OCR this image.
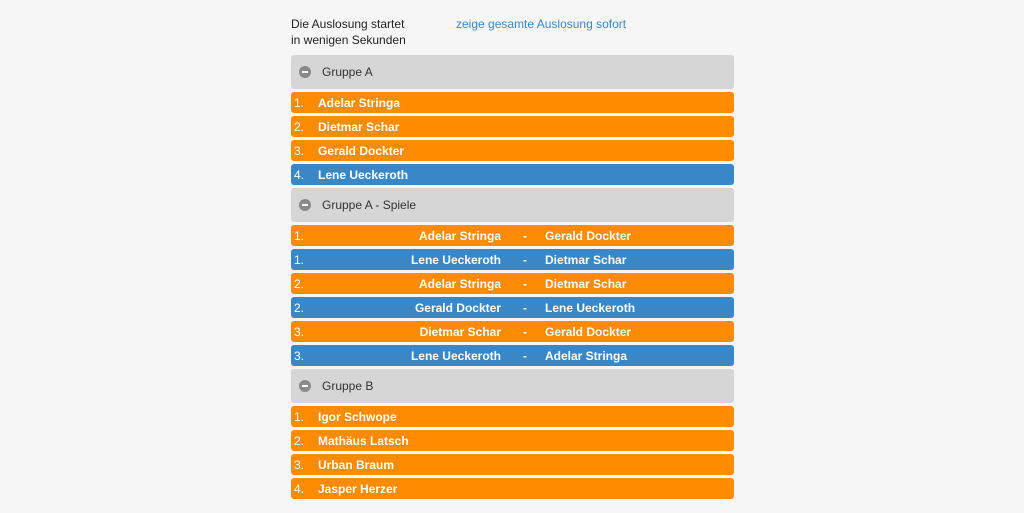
Die Auslosung startet
in wenigen Sekunden
zeige gesamte Auslosung sofort
Gruppe A
1.	Adelar Stringa
2.	Dietmar Schar
3.	Gerald Dockter
4.	Lene Ueckeroth
Gruppe A - Spiele
1.	Adelar Stringa - Gerald Dockter
1.	Lene Ueckeroth - Dietmar Schar
2.	Adelar Stringa - Dietmar Schar
2.	Gerald Dockter - Lene Ueckeroth
3.	Dietmar Schar - Gerald Dockter
3.	Lene Ueckeroth - Adelar Stringa
Gruppe B
1.	Igor Schwope
2.	Mathäus Latsch
3.	Urban Braum
4.	Jasper Herzer
